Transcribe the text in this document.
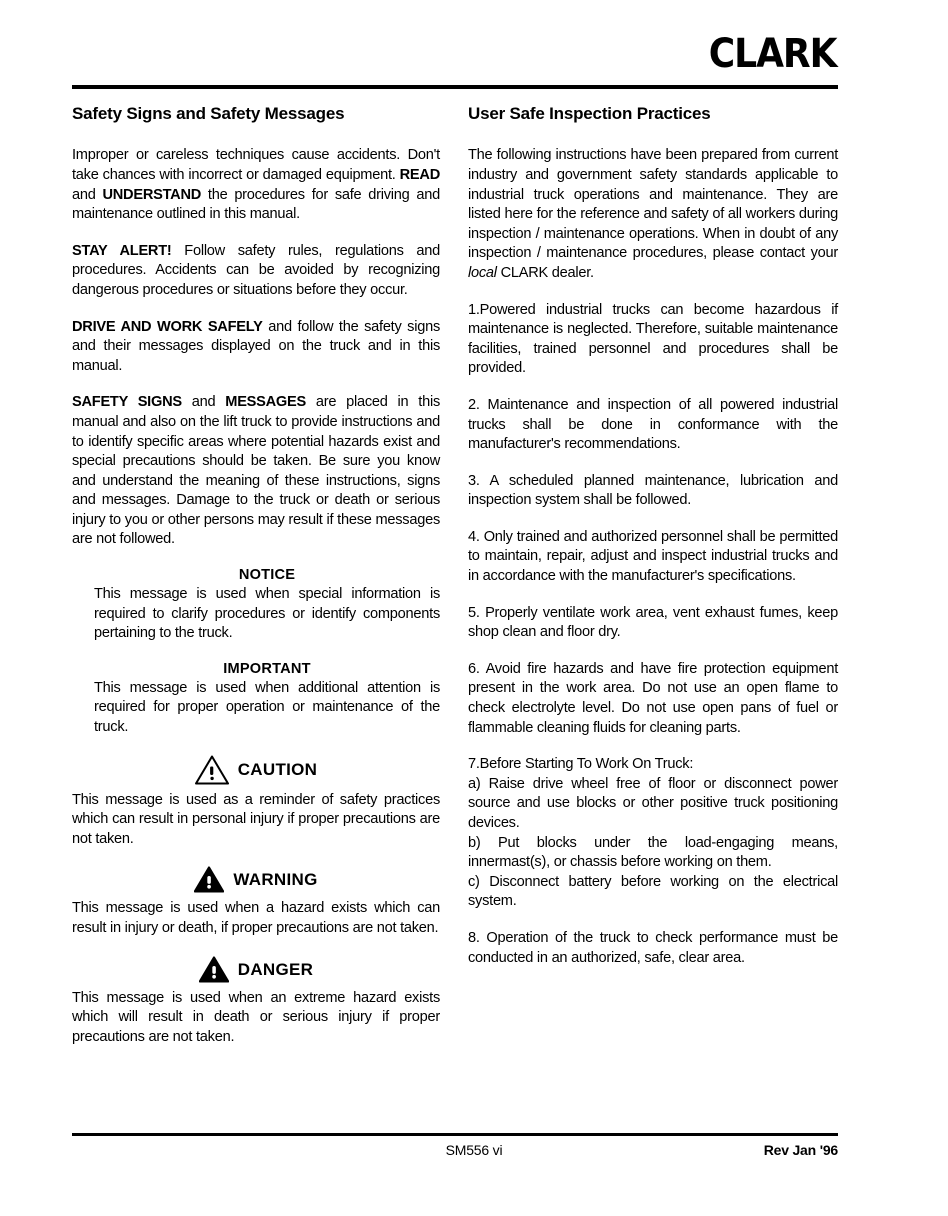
CLARK
Safety Signs and Safety Messages

Improper or careless techniques cause accidents. Don't take chances with incorrect or damaged equipment. READ and UNDERSTAND the procedures for safe driving and maintenance outlined in this manual.

STAY ALERT! Follow safety rules, regulations and procedures. Accidents can be avoided by recognizing dangerous procedures or situations before they occur.

DRIVE AND WORK SAFELY and follow the safety signs and their messages displayed on the truck and in this manual.

SAFETY SIGNS and MESSAGES are placed in this manual and also on the lift truck to provide instructions and to identify specific areas where potential hazards exist and special precautions should be taken. Be sure you know and understand the meaning of these instructions, signs and messages. Damage to the truck or death or serious injury to you or other persons may result if these messages are not followed.

NOTICE

This message is used when special information is required to clarify procedures or identify components pertaining to the truck.

IMPORTANT

This message is used when additional attention is required for proper operation or maintenance of the truck.

CAUTION

This message is used as a reminder of safety practices which can result in personal injury if proper precautions are not taken.

WARNING

This message is used when a hazard exists which can result in injury or death, if proper precautions are not taken.

DANGER

This message is used when an extreme hazard exists which will result in death or serious injury if proper precautions are not taken.

User Safe Inspection Practices

The following instructions have been prepared from current industry and government safety standards applicable to industrial truck operations and maintenance. They are listed here for the reference and safety of all workers during inspection / maintenance operations. When in doubt of any inspection / maintenance procedures, please contact your local CLARK dealer.

1.Powered industrial trucks can become hazardous if maintenance is neglected. Therefore, suitable maintenance facilities, trained personnel and procedures shall be provided.

2. Maintenance and inspection of all powered industrial trucks shall be done in conformance with the manufacturer's recommendations.

3. A scheduled planned maintenance, lubrication and inspection system shall be followed.

4. Only trained and authorized personnel shall be permitted to maintain, repair, adjust and inspect industrial trucks and in accordance with the manufacturer's specifications.

5. Properly ventilate work area, vent exhaust fumes, keep shop clean and floor dry.

6. Avoid fire hazards and have fire protection equipment present in the work area. Do not use an open flame to check electrolyte level. Do not use open pans of fuel or flammable cleaning fluids for cleaning parts.

7.Before Starting To Work On Truck:

a) Raise drive wheel free of floor or disconnect power source and use blocks or other positive truck positioning devices.

b) Put blocks under the load-engaging means, innermast(s), or chassis before working on them.

c) Disconnect battery before working on the electrical system.

8. Operation of the truck to check performance must be conducted in an authorized, safe, clear area.

SM556 vi	Rev Jan '96
